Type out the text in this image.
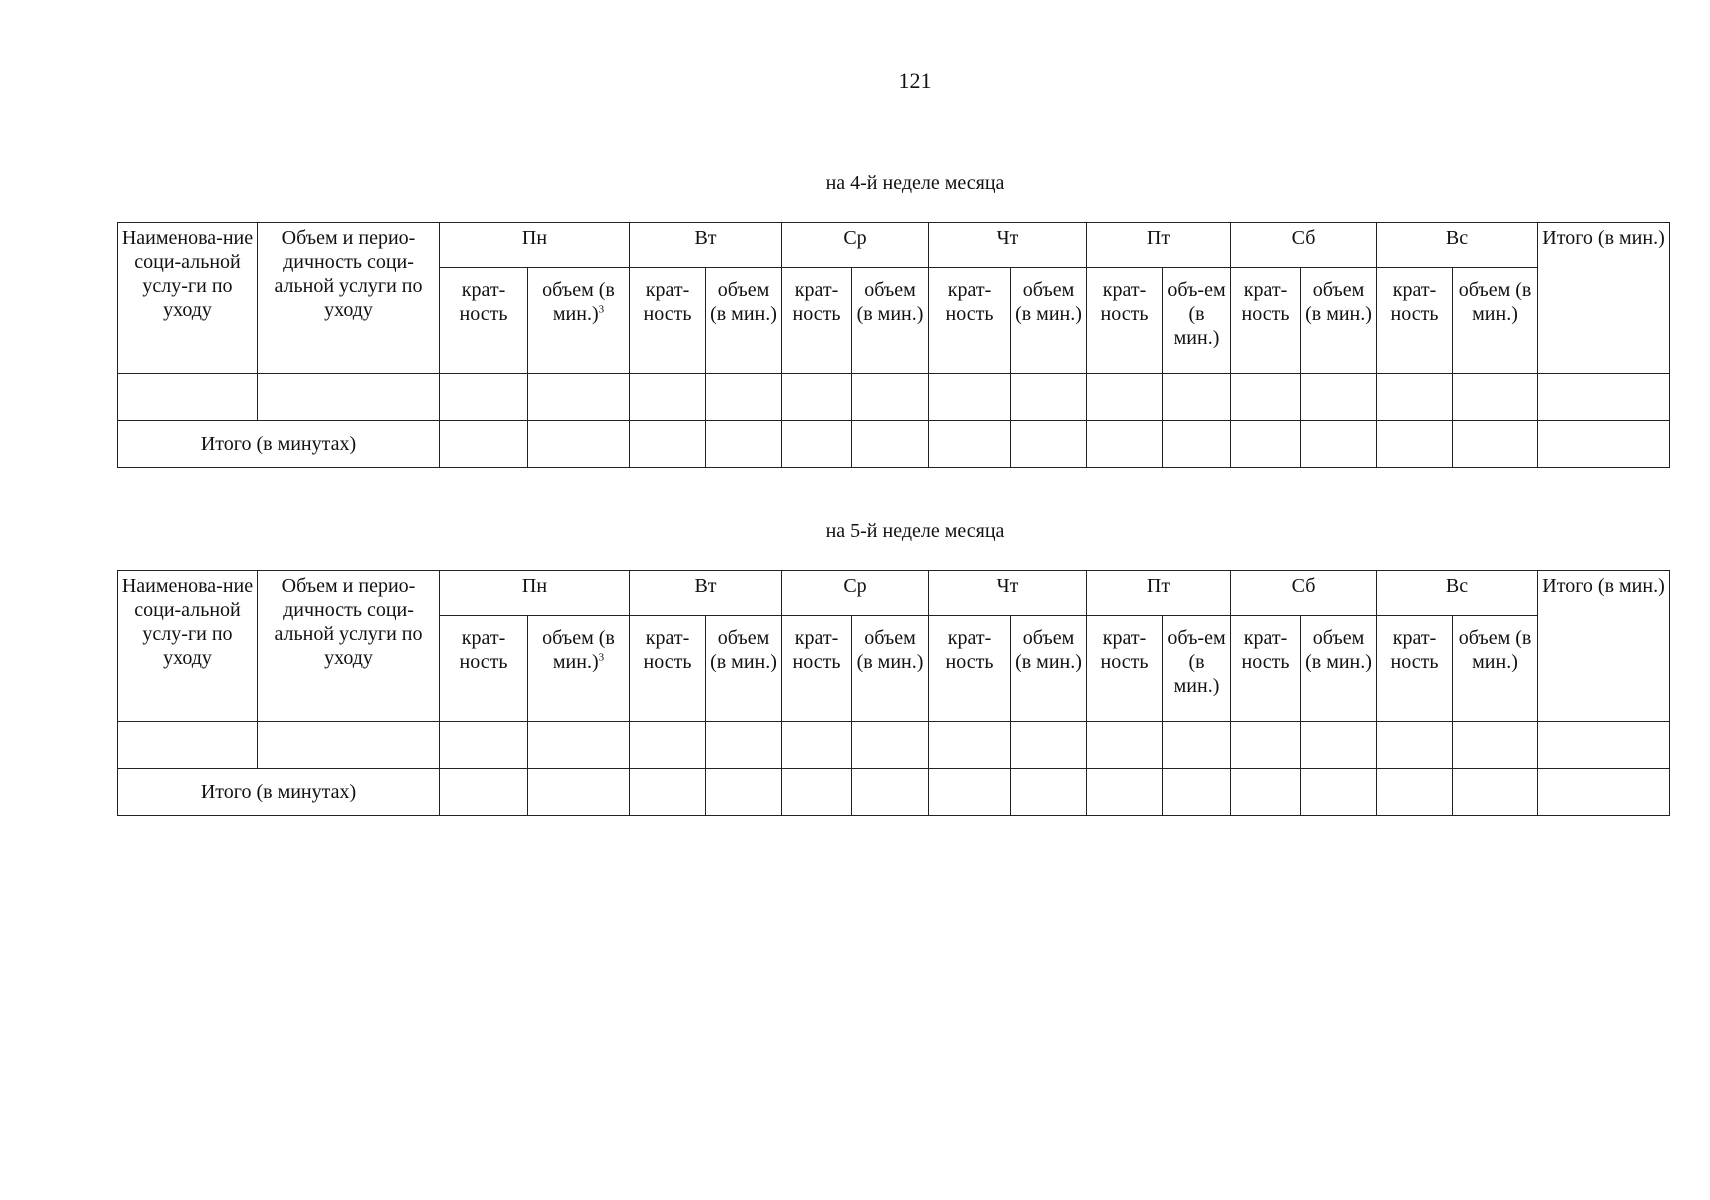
121
на 4-й неделе месяца
на 5-й неделе месяца
Наименова-ние соци-альной услу-ги по уходу	Объем и перио-дичность соци-альной услуги по уходу	Пн		Вт		Ср		Чт		Пт		Сб		Вс		Итого (в мин.)
		крат-ность	объем (в мин.)$^3$	крат-ность	объем (в мин.)	крат-ность	объем (в мин.)	крат-ность	объем (в мин.)	крат-ность	объ-ем (в мин.)	крат-ность	объем (в мин.)	крат-ность	объем (в мин.)	

Итого (в минутах)																
Наименова-ние соци-альной услу-ги по уходу	Объем и перио-дичность соци-альной услуги по уходу	Пн		Вт		Ср		Чт		Пт		Сб		Вс		Итого (в мин.)
		крат-ность	объем (в мин.)$^3$	крат-ность	объем (в мин.)	крат-ность	объем (в мин.)	крат-ность	объем (в мин.)	крат-ность	объ-ем (в мин.)	крат-ность	объем (в мин.)	крат-ность	объем (в мин.)	

Итого (в минутах)																
